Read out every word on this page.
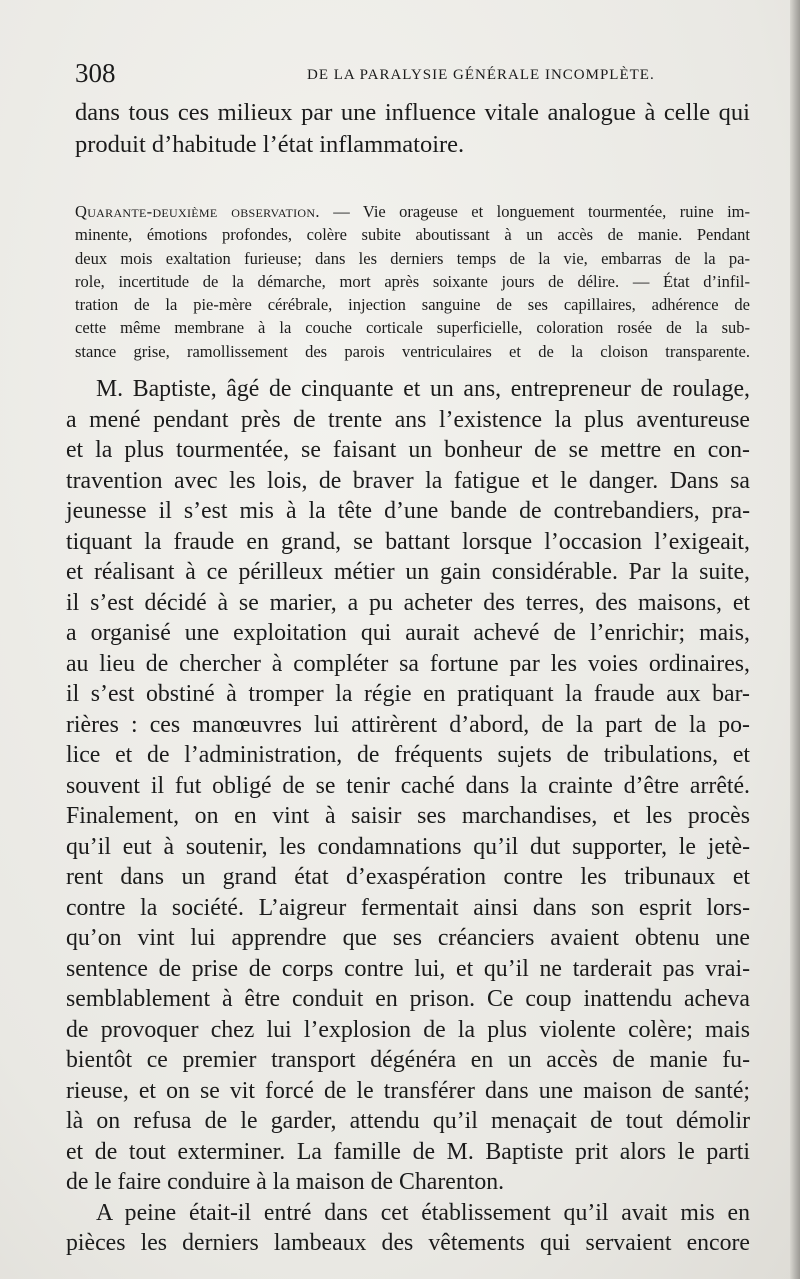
308	DE LA PARALYSIE GÉNÉRALE INCOMPLÈTE.
dans tous ces milieux par une influence vitale analogue à celle qui
produit d’habitude l’état inflammatoire.
Quarante-deuxième observation. — Vie orageuse et longuement tourmentée, ruine im-
minente, émotions profondes, colère subite aboutissant à un accès de manie. Pendant
deux mois exaltation furieuse; dans les derniers temps de la vie, embarras de la pa-
role, incertitude de la démarche, mort après soixante jours de délire. — État d’infil-
tration de la pie-mère cérébrale, injection sanguine de ses capillaires, adhérence de
cette même membrane à la couche corticale superficielle, coloration rosée de la sub-
stance grise, ramollissement des parois ventriculaires et de la cloison transparente.
M. Baptiste, âgé de cinquante et un ans, entrepreneur de roulage,
a mené pendant près de trente ans l’existence la plus aventureuse
et la plus tourmentée, se faisant un bonheur de se mettre en con-
travention avec les lois, de braver la fatigue et le danger. Dans sa
jeunesse il s’est mis à la tête d’une bande de contrebandiers, pra-
tiquant la fraude en grand, se battant lorsque l’occasion l’exigeait,
et réalisant à ce périlleux métier un gain considérable. Par la suite,
il s’est décidé à se marier, a pu acheter des terres, des maisons, et
a organisé une exploitation qui aurait achevé de l’enrichir; mais,
au lieu de chercher à compléter sa fortune par les voies ordinaires,
il s’est obstiné à tromper la régie en pratiquant la fraude aux bar-
rières : ces manœuvres lui attirèrent d’abord, de la part de la po-
lice et de l’administration, de fréquents sujets de tribulations, et
souvent il fut obligé de se tenir caché dans la crainte d’être arrêté.
Finalement, on en vint à saisir ses marchandises, et les procès
qu’il eut à soutenir, les condamnations qu’il dut supporter, le jetè-
rent dans un grand état d’exaspération contre les tribunaux et
contre la société. L’aigreur fermentait ainsi dans son esprit lors-
qu’on vint lui apprendre que ses créanciers avaient obtenu une
sentence de prise de corps contre lui, et qu’il ne tarderait pas vrai-
semblablement à être conduit en prison. Ce coup inattendu acheva
de provoquer chez lui l’explosion de la plus violente colère; mais
bientôt ce premier transport dégénéra en un accès de manie fu-
rieuse, et on se vit forcé de le transférer dans une maison de santé;
là on refusa de le garder, attendu qu’il menaçait de tout démolir
et de tout exterminer. La famille de M. Baptiste prit alors le parti
de le faire conduire à la maison de Charenton.
A peine était-il entré dans cet établissement qu’il avait mis en
pièces les derniers lambeaux des vêtements qui servaient encore
